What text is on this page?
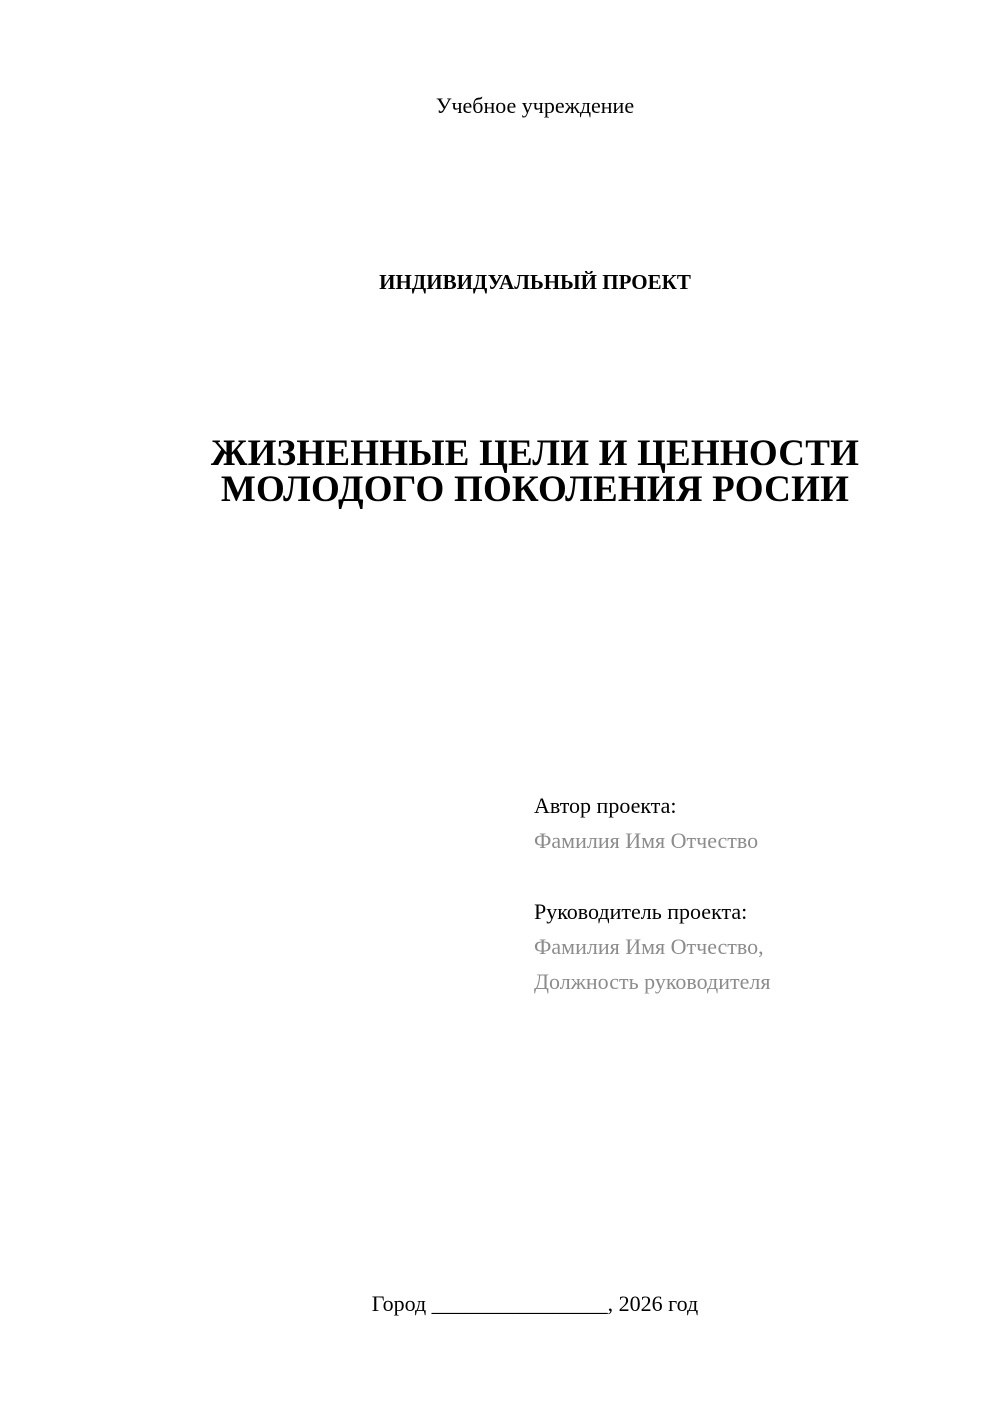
Учебное учреждение
ИНДИВИДУАЛЬНЫЙ ПРОЕКТ
ЖИЗНЕННЫЕ ЦЕЛИ И ЦЕННОСТИ
МОЛОДОГО ПОКОЛЕНИЯ РОСИИ
Автор проекта:
Фамилия Имя Отчество
Руководитель проекта:
Фамилия Имя Отчество,
Должность руководителя
Город ________________, 2026 год
